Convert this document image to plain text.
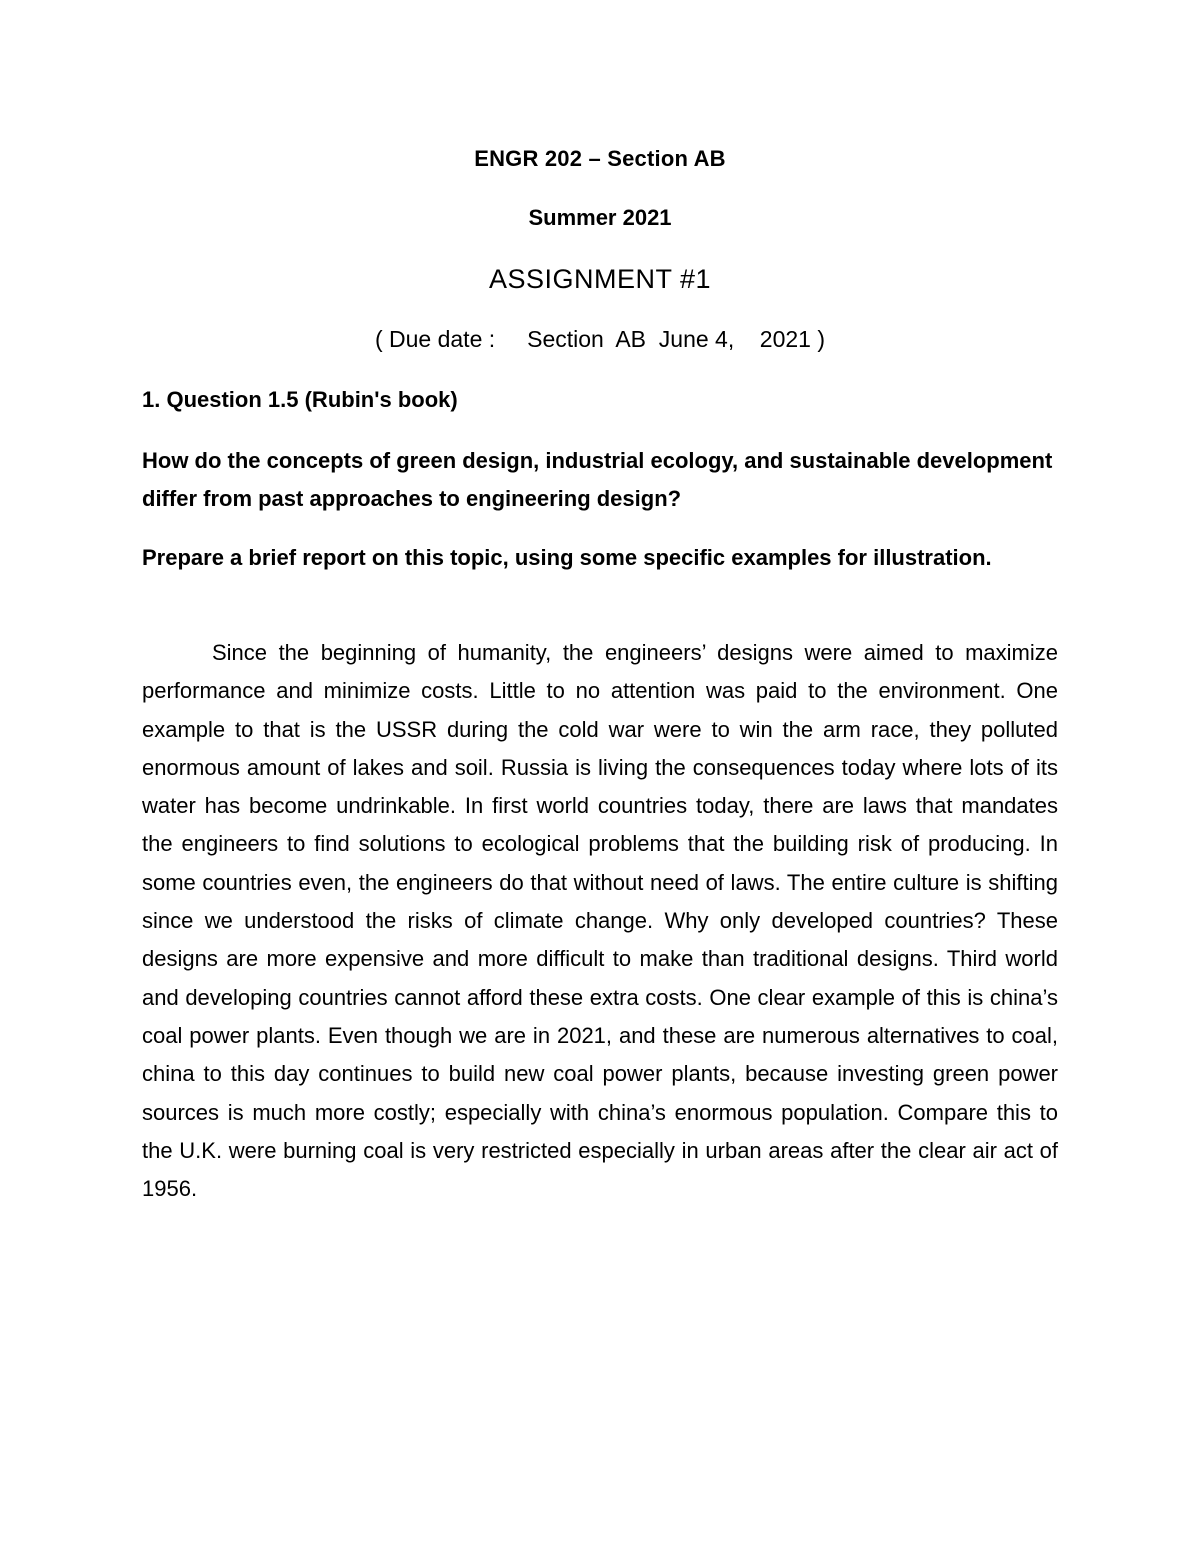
ENGR 202 – Section AB
Summer 2021
ASSIGNMENT #1
( Due date :     Section  AB  June 4,    2021 )
1. Question 1.5 (Rubin's book)
How do the concepts of green design, industrial ecology, and sustainable development differ from past approaches to engineering design?
Prepare a brief report on this topic, using some specific examples for illustration.
Since the beginning of humanity, the engineers’ designs were aimed to maximize performance and minimize costs. Little to no attention was paid to the environment. One example to that is the USSR during the cold war were to win the arm race, they polluted enormous amount of lakes and soil. Russia is living the consequences today where lots of its water has become undrinkable. In first world countries today, there are laws that mandates the engineers to find solutions to ecological problems that the building risk of producing. In some countries even, the engineers do that without need of laws. The entire culture is shifting since we understood the risks of climate change. Why only developed countries? These designs are more expensive and more difficult to make than traditional designs. Third world and developing countries cannot afford these extra costs. One clear example of this is china’s coal power plants. Even though we are in 2021, and these are numerous alternatives to coal, china to this day continues to build new coal power plants, because investing green power sources is much more costly; especially with china’s enormous population. Compare this to the U.K. were burning coal is very restricted especially in urban areas after the clear air act of 1956.
